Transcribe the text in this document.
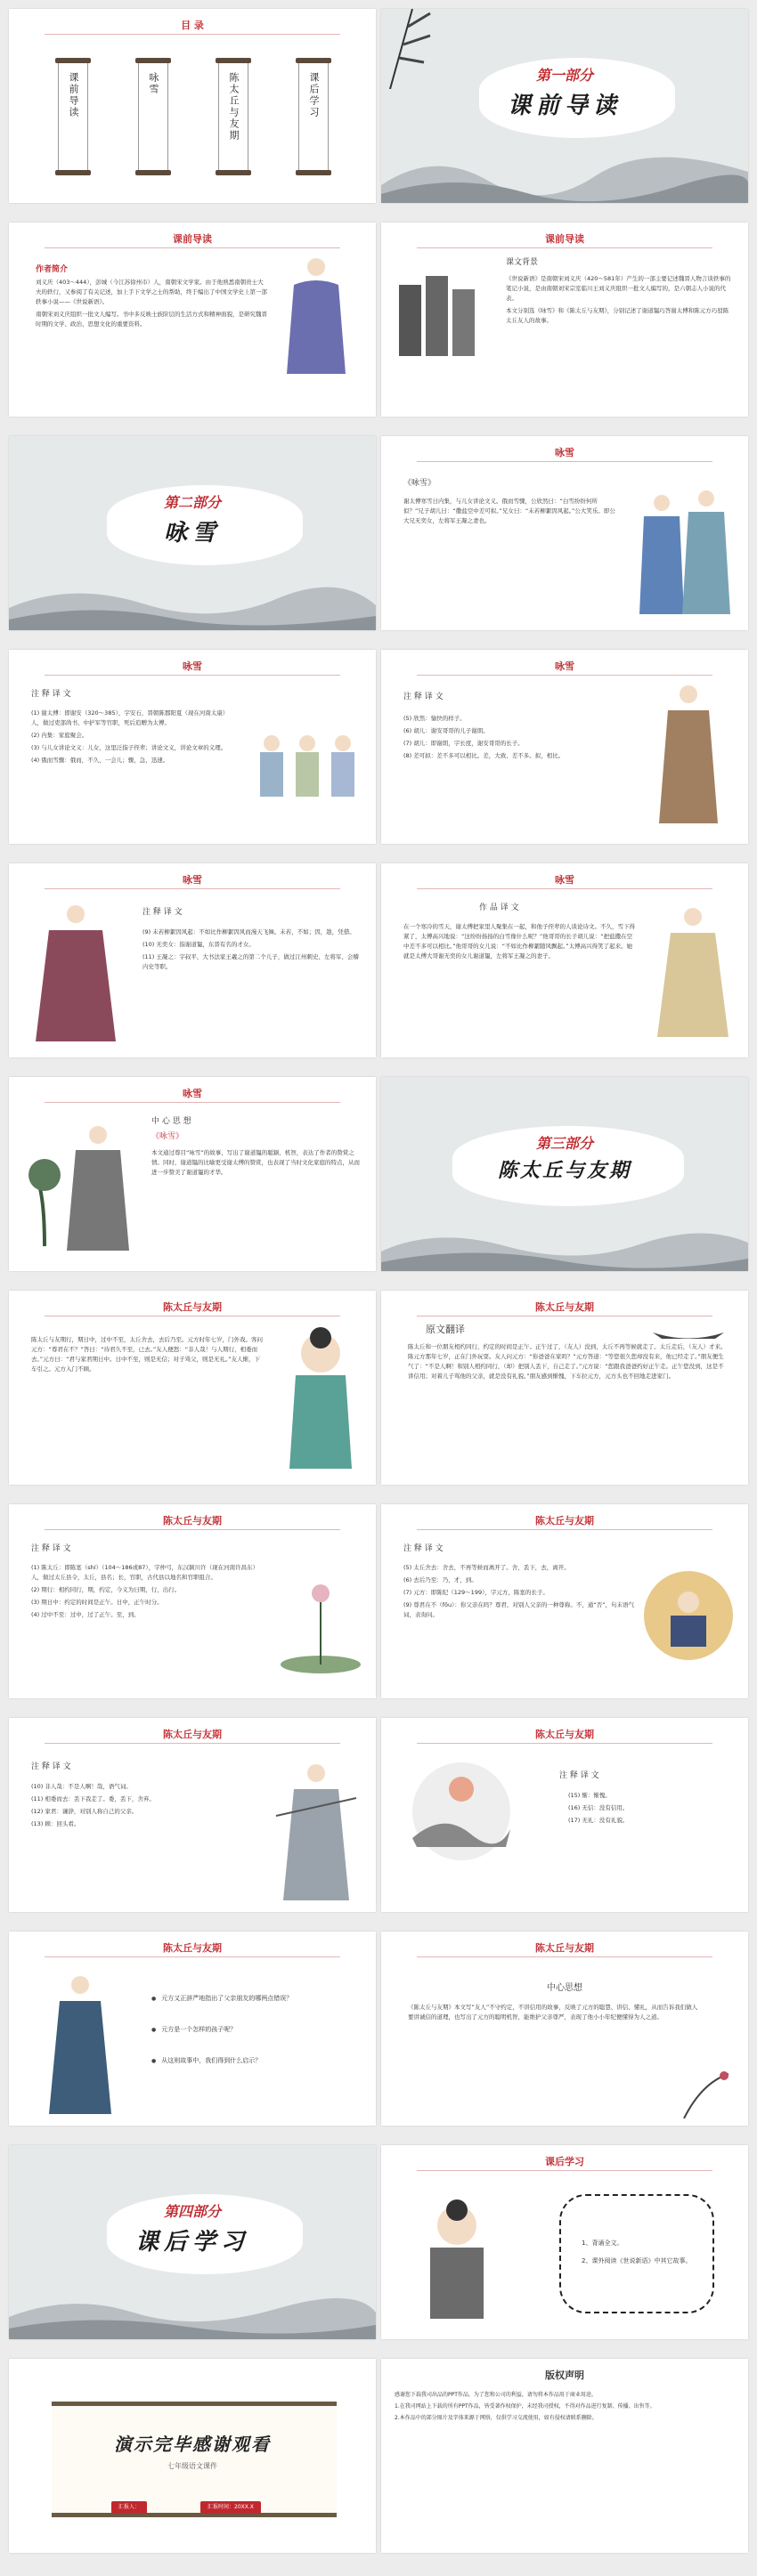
目 录
课前导读	咏雪	陈太丘与友期	课后学习	第一部分
课前导读
课前导读
作者简介

刘义庆（403～444），彭城（今江苏徐州市）人，南朝宋文学家。由于他熟悉南朝贵士大夫的轶行，又参阅了有关记述，加上手下文学之士的帮助，终于编出了中国文学史上第一部轶事小说——《世说新语》。

南朝宋刘义庆组织一批文人编写。书中多反映士族阶层的生活方式和精神面貌，是研究魏晋时期的文学、政治、思想文化的重要资料。

课前导读
课文背景

《世说新语》是南朝宋刘义庆（420～581年）产生的一部主要记述魏晋人物言谈轶事的笔记小说，是由南朝刘宋宗室临川王刘义庆组织一批文人编写的，是六朝志人小说的代表。

本文分别选《咏雪》和《陈太丘与友期》，分别记述了谢道韫巧答谢太傅和陈元方巧驳陈太丘友人的故事。

第二部分
咏雪
咏雪
《咏雪》
谢太傅寒雪日内集，与儿女讲论文义。俄而雪骤，公欣然曰：“白雪纷纷何所似？”兄子胡儿曰：“撒盐空中差可拟。”兄女曰：“未若柳絮因风起。”公大笑乐。即公大兄无奕女，左将军王凝之妻也。
咏雪
注 释 译 文

(1) 谢太傅：即谢安（320～385），字安石，晋朝陈郡阳夏（现在河南太康）人，做过吏部尚书、中护军等官职，死后追赠为太傅。

(2) 内集：家庭聚会。

(3) 与儿女讲论文义：儿女，这里泛指子侄辈；讲论文义，讲论文章的义理。

(4) 俄而雪骤：俄而，不久，一会儿；骤，急，迅速。

咏雪
注 释 译 文

(5) 欣然：愉快的样子。

(6) 胡儿：谢安哥哥的儿子谢朗。

(7) 胡儿：即谢朗，字长度，谢安哥哥的长子。

(8) 差可拟：差不多可以相比。差，大致、差不多。拟，相比。

咏雪
注 释 译 文

(9) 未若柳絮因风起：不如比作柳絮因风而漫天飞舞。未若，不如；因，趁，凭借。

(10) 无奕女：指谢道韫，东晋有名的才女。

(11) 王凝之：字叔平，大书法家王羲之的第二个儿子，做过江州刺史、左将军、会稽内史等职。

咏雪
作 品 译 文
在一个寒冷的雪天，谢太傅把家里人聚集在一起，和他子侄辈的人谈论诗文。不久，雪下得紧了，太傅高兴地说：“这纷纷扬扬的白雪像什么呢？”他哥哥的长子胡儿说：“把盐撒在空中差不多可以相比。”他哥哥的女儿说：“不如比作柳絮随风飘起。”太傅高兴得笑了起来。她就是太傅大哥谢无奕的女儿谢道韫，左将军王凝之的妻子。
咏雪
中 心 思 想
《咏雪》
本文通过尊目“咏雪”的故事，写出了谢道韫的聪颖、机智，表达了作者的赞赏之情。同时，谢道韫的比喻更受谢太傅的赞赏，也表现了当时文化家庭的特点，从而进一步赞美了谢道韫的才华。
第三部分
陈太丘与友期
陈太丘与友期
陈太丘与友期行，期日中，过中不至，太丘舍去，去后乃至。元方时年七岁，门外戏。客问元方：“尊君在不？”答曰：“待君久不至，已去。”友人便怒：“非人哉！与人期行，相委而去。”元方曰：“君与家君期日中。日中不至，则是无信；对子骂父，则是无礼。”友人惭，下车引之。元方入门不顾。
陈太丘与友期
原文翻译
陈太丘和一位朋友相约同行，约定的时间是正午。正午过了，（友人）没到，太丘不再等候就走了。太丘走后，（友人）才来。陈元方那年七岁，正在门外玩耍。友人问元方：“你爸爸在家吗？”元方答道：“等您很久您却没有来，他已经走了。”朋友便生气了：“不是人啊！和别人相约同行，（却）把别人丢下，自己走了。”元方说：“您跟我爸爸约好正午走。正午您没到，这是不讲信用；对着儿子骂他的父亲，就是没有礼貌。”朋友感到惭愧，下车拉元方，元方头也不回地走进家门。
陈太丘与友期
注 释 译 文

(1) 陈太丘：即陈寔（shí）（104～186或87），字仲弓，东汉颍川许（现在河南许昌东）人，做过太丘县令，太丘，县名；长，官职，古代县以地名和官职组合。

(2) 期行：相约同行，期，约定，今义为日期，行，出行。

(3) 期日中：约定的时间是正午。日中，正午时分。

(4) 过中不至：过中，过了正午。至，到。

陈太丘与友期
注 释 译 文

(5) 太丘舍去：舍去，不再等候而离开了。舍，丢下，去，离开。

(6) 去后乃至：乃，才，到。

(7) 元方：即陈纪（129～199），字元方，陈寔的长子。

(9) 尊君在不（fǒu）：你父亲在吗？尊君，对别人父亲的一种尊称。不，通“否”，句末语气词，表询问。

陈太丘与友期
注 释 译 文

(10) 非人哉：不是人啊！哉，语气词。

(11) 相委而去：丢下我走了。委，丢下，舍弃。

(12) 家君：谦辞，对别人称自己的父亲。

(13) 顾：回头看。

陈太丘与友期
注 释 译 文

(15) 惭：惭愧。

(16) 无信：没有信用。

(17) 无礼：没有礼貌。

陈太丘与友期
● 元方又正辞严地指出了父亲朋友的哪两点错误？
● 元方是一个怎样的孩子呢？
● 从这则故事中，我们得到什么启示？
陈太丘与友期
中心思想
《陈太丘与友期》本文写“友人”不守约定，不讲信用的故事，反映了元方的聪慧、讲信、懂礼，从而告诉我们做人要讲诚信的道理，也写出了元方的聪明机智，能维护父亲尊严，表现了他小小年纪便懂得为人之道。
第四部分
课后学习
课后学习
1、背诵全文。
2、课外阅读《世说新语》中其它故事。
演示完毕感谢观看
七年级语文课件
汇报人：	汇报时间：20XX.X
版权声明

感谢您下载我司出品的PPT作品，为了您和公司的利益，请勿将本作品用于商业用途。

1.在我司网站上下载的所有PPT作品，皆受著作权保护，未经我司授权，不得对作品进行复制、传播、出售等。

2.本作品中的部分图片及字体来源于网络，仅供学习交流使用，如有侵权请联系删除。
